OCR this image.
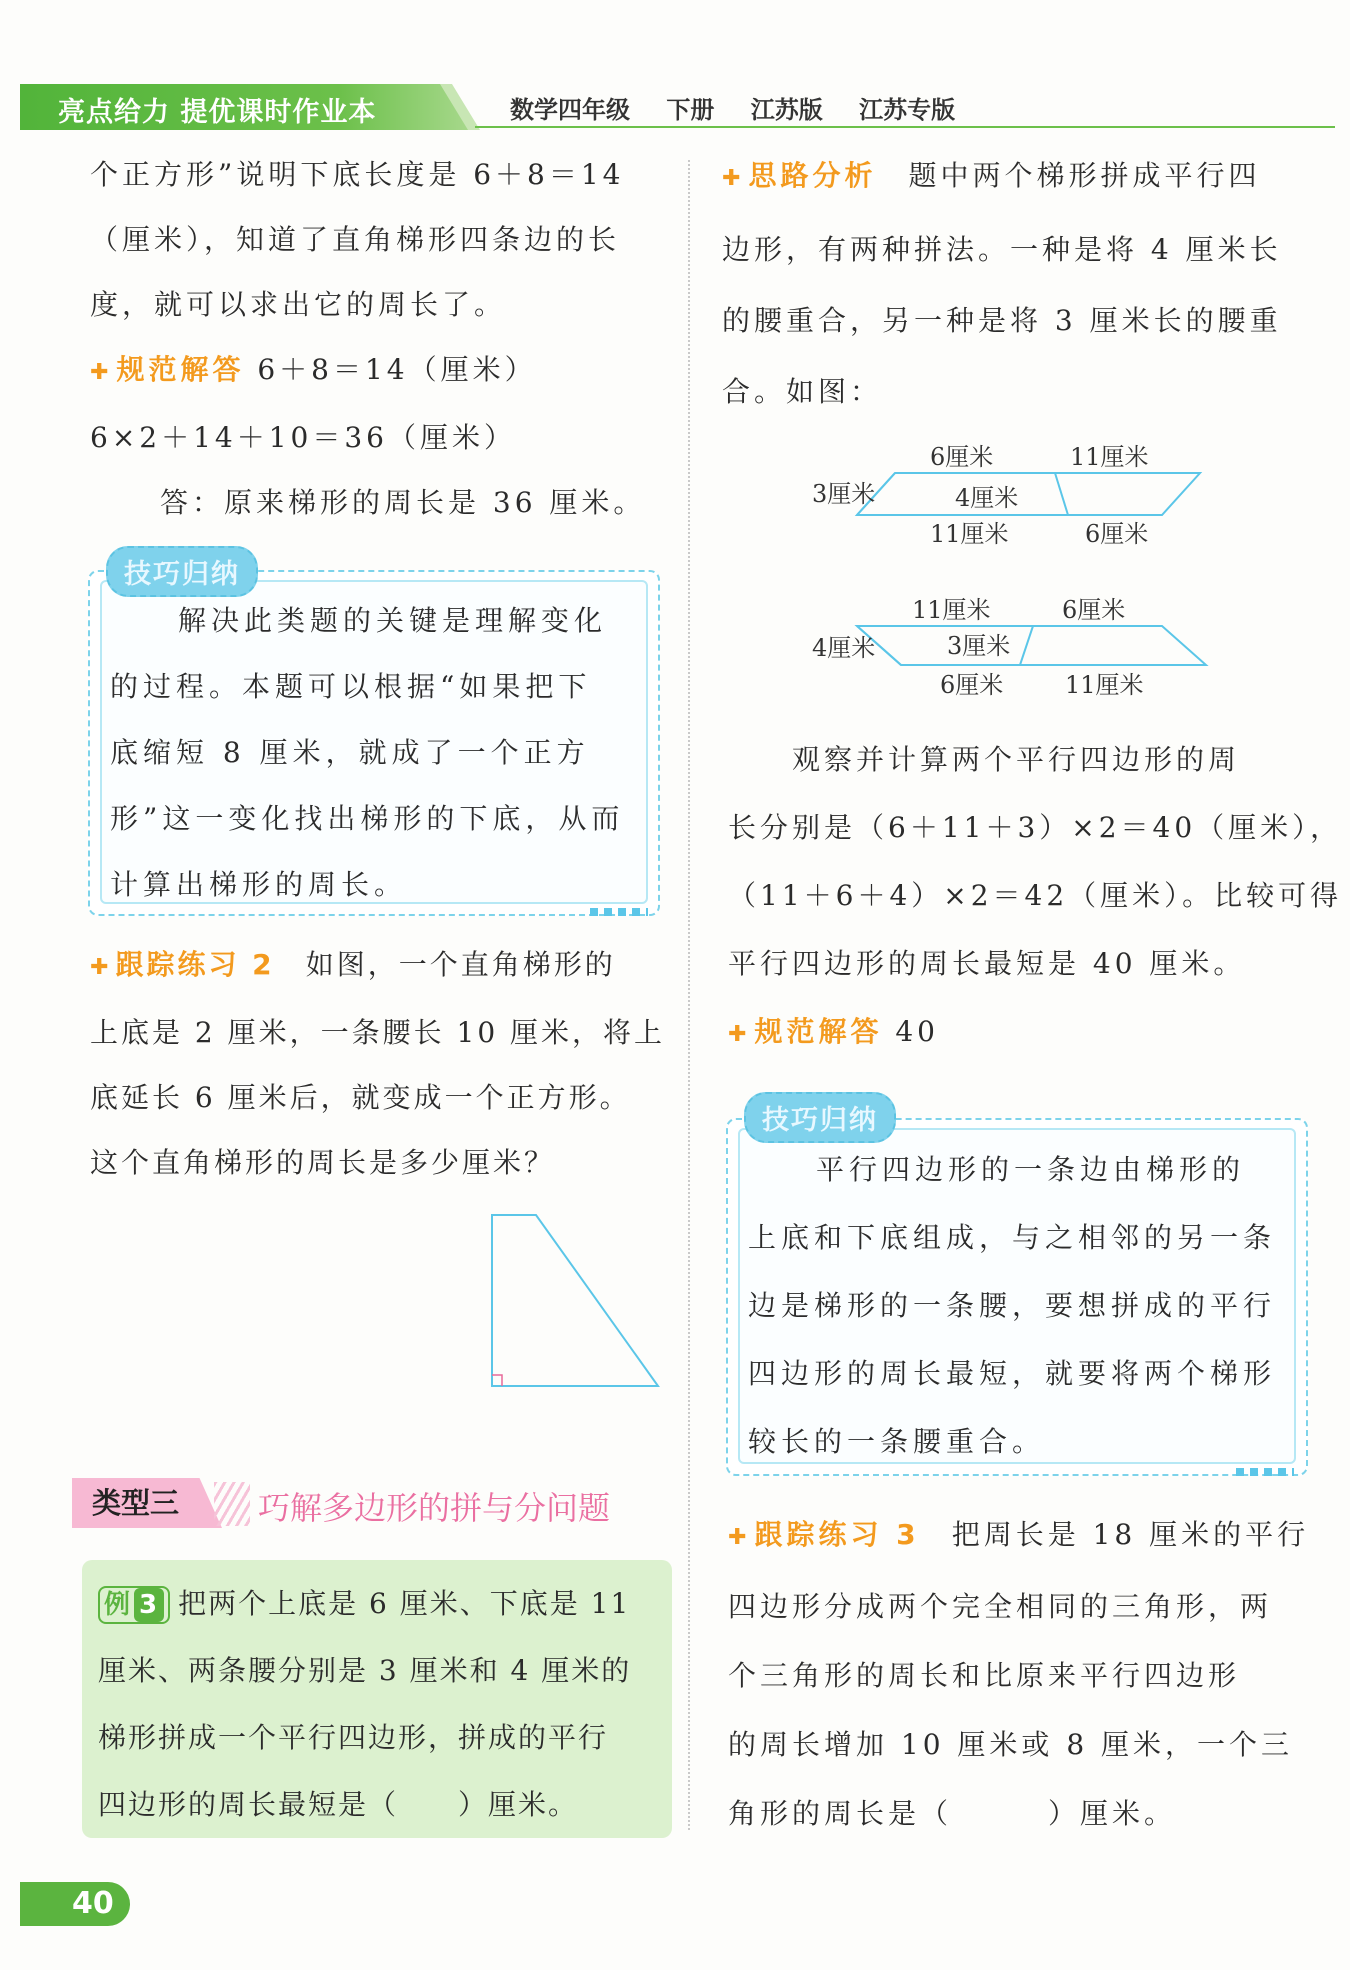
亮点给力 提优课时作业本	数学四年级 下册 江苏版 江苏专版

个正方形”说明下底长度是 6＋8＝14

（厘米），知道了直角梯形四条边的长

度，就可以求出它的周长了。

✚ 规范解答 6＋8＝14（厘米）

6×2＋14＋10＝36（厘米）

答：原来梯形的周长是 36 厘米。

技巧归纳

解决此类题的关键是理解变化

的过程。本题可以根据“如果把下

底缩短 8 厘米，就成了一个正方

形”这一变化找出梯形的下底，从而

计算出梯形的周长。

✚ 跟踪练习 2　 如图，一个直角梯形的

上底是 2 厘米，一条腰长 10 厘米，将上

底延长 6 厘米后，就变成一个正方形。

这个直角梯形的周长是多少厘米？

类型三 巧解多边形的拼与分问题

例 3 把两个上底是 6 厘米、下底是 11

厘米、两条腰分别是 3 厘米和 4 厘米的

梯形拼成一个平行四边形，拼成的平行

四边形的周长最短是（　　）厘米。

✚ 思路分析　 题中两个梯形拼成平行四

边形，有两种拼法。一种是将 4 厘米长

的腰重合，另一种是将 3 厘米长的腰重

合。如图：

6厘米	11厘米
3厘米	4厘米
11厘米	6厘米
11厘米	6厘米
4厘米	3厘米
6厘米	11厘米

观察并计算两个平行四边形的周

长分别是（6＋11＋3）×2＝40（厘米），

（11＋6＋4）×2＝42（厘米）。比较可得

平行四边形的周长最短是 40 厘米。

✚ 规范解答 40

技巧归纳

平行四边形的一条边由梯形的

上底和下底组成，与之相邻的另一条

边是梯形的一条腰，要想拼成的平行

四边形的周长最短，就要将两个梯形

较长的一条腰重合。

✚ 跟踪练习 3　 把周长是 18 厘米的平行

四边形分成两个完全相同的三角形，两

个三角形的周长和比原来平行四边形

的周长增加 10 厘米或 8 厘米，一个三

角形的周长是（　　　）厘米。

40
